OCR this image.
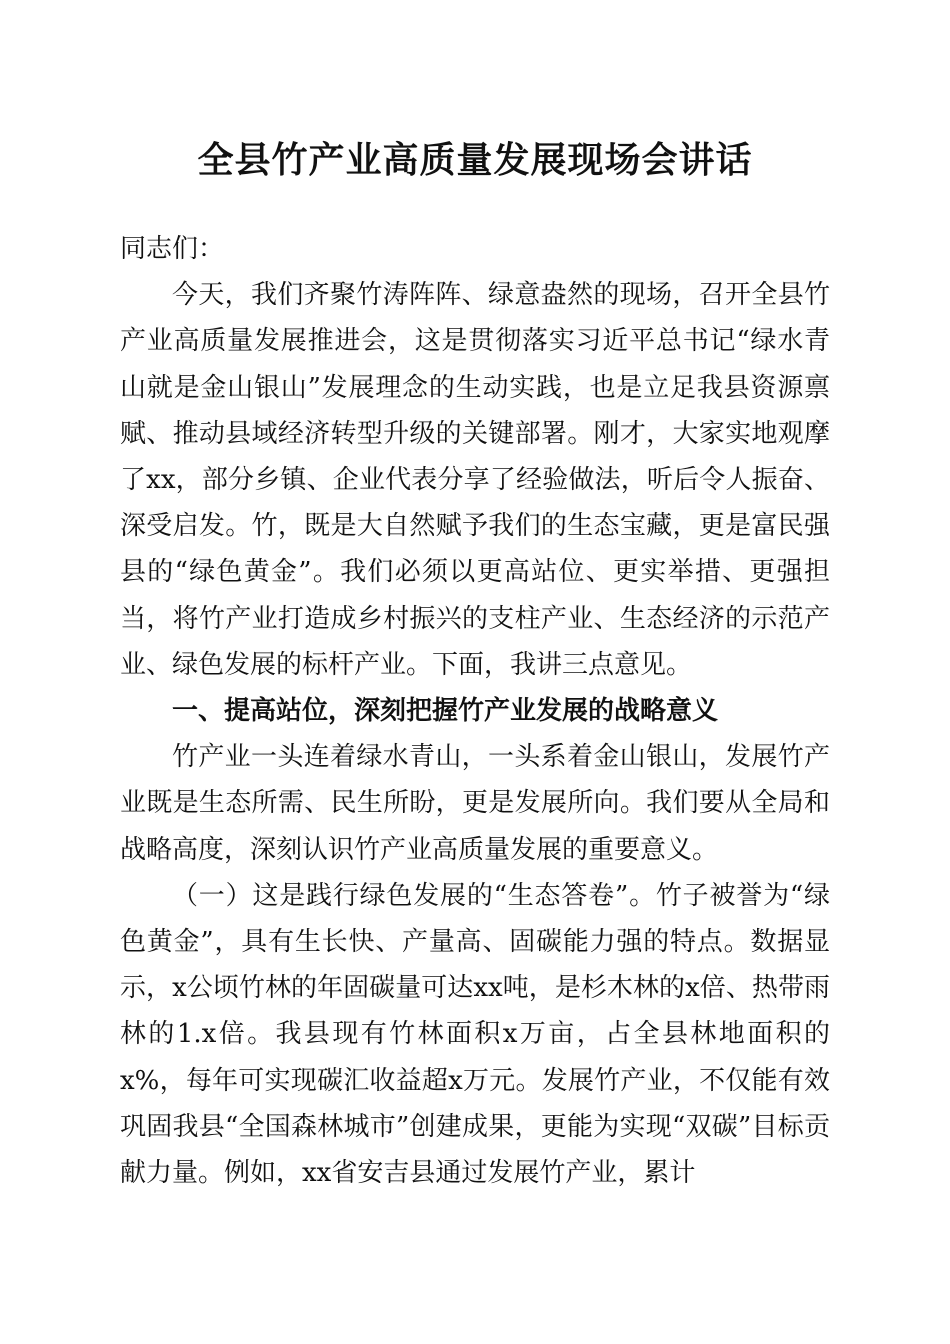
全县竹产业高质量发展现场会讲话

同志们：

今天，我们齐聚竹涛阵阵、绿意盎然的现场，召开全县竹产业高质量发展推进会，这是贯彻落实习近平总书记“绿水青山就是金山银山”发展理念的生动实践，也是立足我县资源禀赋、推动县域经济转型升级的关键部署。刚才，大家实地观摩了xx，部分乡镇、企业代表分享了经验做法，听后令人振奋、深受启发。竹，既是大自然赋予我们的生态宝藏，更是富民强县的“绿色黄金”。我们必须以更高站位、更实举措、更强担当，将竹产业打造成乡村振兴的支柱产业、生态经济的示范产业、绿色发展的标杆产业。下面，我讲三点意见。

一、提高站位，深刻把握竹产业发展的战略意义

竹产业一头连着绿水青山，一头系着金山银山，发展竹产业既是生态所需、民生所盼，更是发展所向。我们要从全局和战略高度，深刻认识竹产业高质量发展的重要意义。

（一）这是践行绿色发展的“生态答卷”。竹子被誉为“绿色黄金”，具有生长快、产量高、固碳能力强的特点。数据显示，x公顷竹林的年固碳量可达xx吨，是杉木林的x倍、热带雨林的1.x倍。我县现有竹林面积x万亩，占全县林地面积的x%，每年可实现碳汇收益超x万元。发展竹产业，不仅能有效巩固我县“全国森林城市”创建成果，更能为实现“双碳”目标贡献力量。例如，xx省安吉县通过发展竹产业，累计
